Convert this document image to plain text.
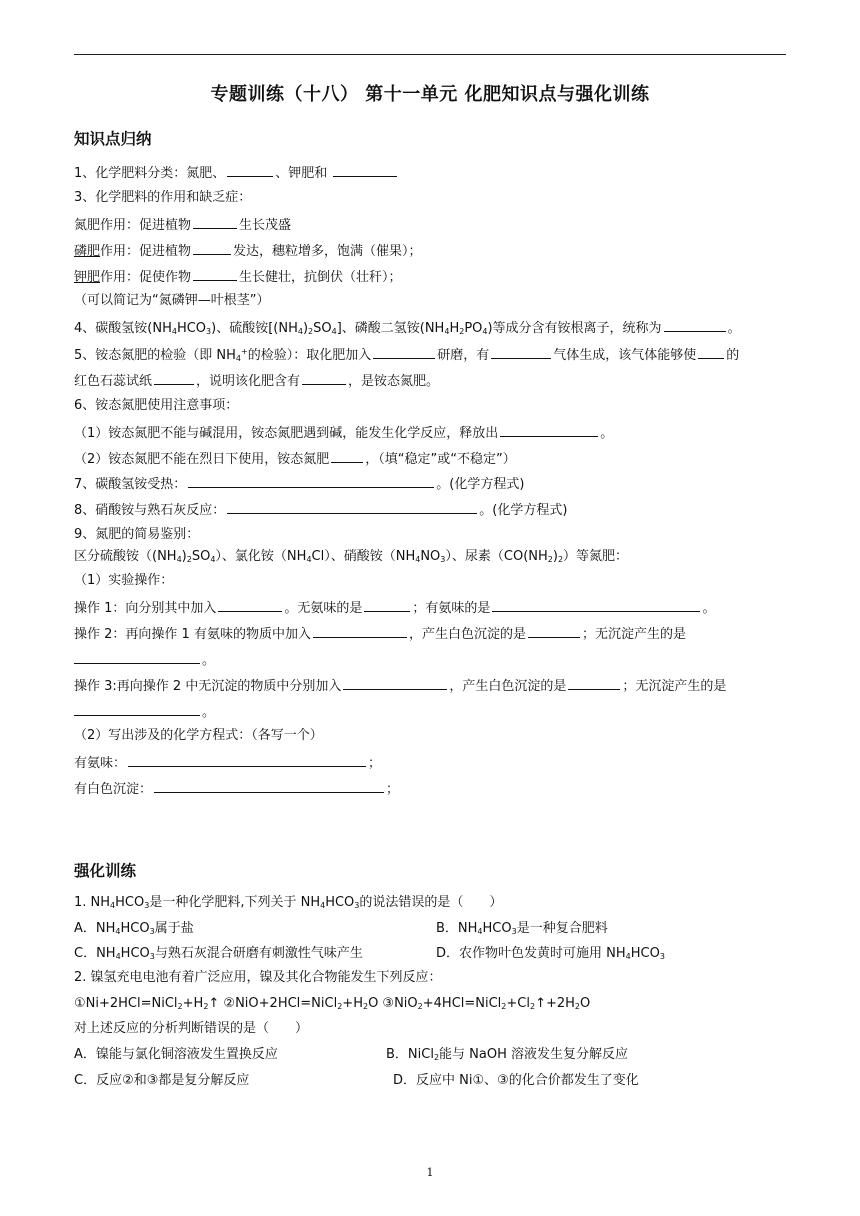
专题训练（十八） 第十一单元 化肥知识点与强化训练
知识点归纳
1、化学肥料分类：氮肥、	、钾肥和
3、化学肥料的作用和缺乏症：
氮肥作用：促进植物	生长茂盛
磷肥作用：促进植物	发达，穗粒增多，饱满（催果）；
钾肥作用：促使作物	生长健壮，抗倒伏（壮秆）；
（可以简记为“氮磷钾—叶根茎”）
4、碳酸氢铵$(NH_4HCO_3)$、硫酸铵$[(NH_4)_2SO_4]$、磷酸二氢铵$(NH_4H_2PO_4)$等成分含有铵根离子，统称为	。
5、铵态氮肥的检验（即 $NH_4^+$的检验）：取化肥加入	研磨，有	气体生成，该气体能够使 的
红色石蕊试纸	，说明该化肥含有	，是铵态氮肥。
6、铵态氮肥使用注意事项：
（1）铵态氮肥不能与碱混用，铵态氮肥遇到碱，能发生化学反应，释放出	。
（2）铵态氮肥不能在烈日下使用，铵态氮肥	，（填“稳定”或“不稳定”）
7、碳酸氢铵受热：	。(化学方程式)
8、硝酸铵与熟石灰反应：	。(化学方程式)
9、氮肥的简易鉴别：
区分硫酸铵$((NH_4)_2SO_4)$、氯化铵$(NH_4Cl)$、硝酸铵$(NH_4NO_3)$、尿素$(CO(NH_2)_2)$等氮肥：
（1）实验操作：
操作 1：向分别其中加入	。无氨味的是	；有氨味的是	。
操作 2：再向操作 1 有氨味的物质中加入	，产生白色沉淀的是	；无沉淀产生的是
。
操作 3:再向操作 2 中无沉淀的物质中分别加入	，产生白色沉淀的是	；无沉淀产生的是
。
（2）写出涉及的化学方程式：（各写一个）
有氨味：	；
有白色沉淀：	；
强化训练
1. $NH_4HCO_3$是一种化学肥料,下列关于 $NH_4HCO_3$的说法错误的是（　　）
A．$NH_4HCO_3$属于盐	B．$NH_4HCO_3$是一种复合肥料
C．$NH_4HCO_3$与熟石灰混合研磨有刺激性气味产生	D．农作物叶色发黄时可施用 $NH_4HCO_3$
2. 镍氢充电电池有着广泛应用，镍及其化合物能发生下列反应：
$①Ni+2HCl=NiCl_2+H_2↑$ $②NiO+2HCl=NiCl_2+H_2O$ $③NiO_2+4HCl=NiCl_2+Cl_2↑+2H_2O$
对上述反应的分析判断错误的是（　　）
A．镍能与氯化铜溶液发生置换反应	B．NiCl$_2$能与 NaOH 溶液发生复分解反应
C．反应②和③都是复分解反应	D．反应中 Ni①、③的化合价都发生了变化
1
